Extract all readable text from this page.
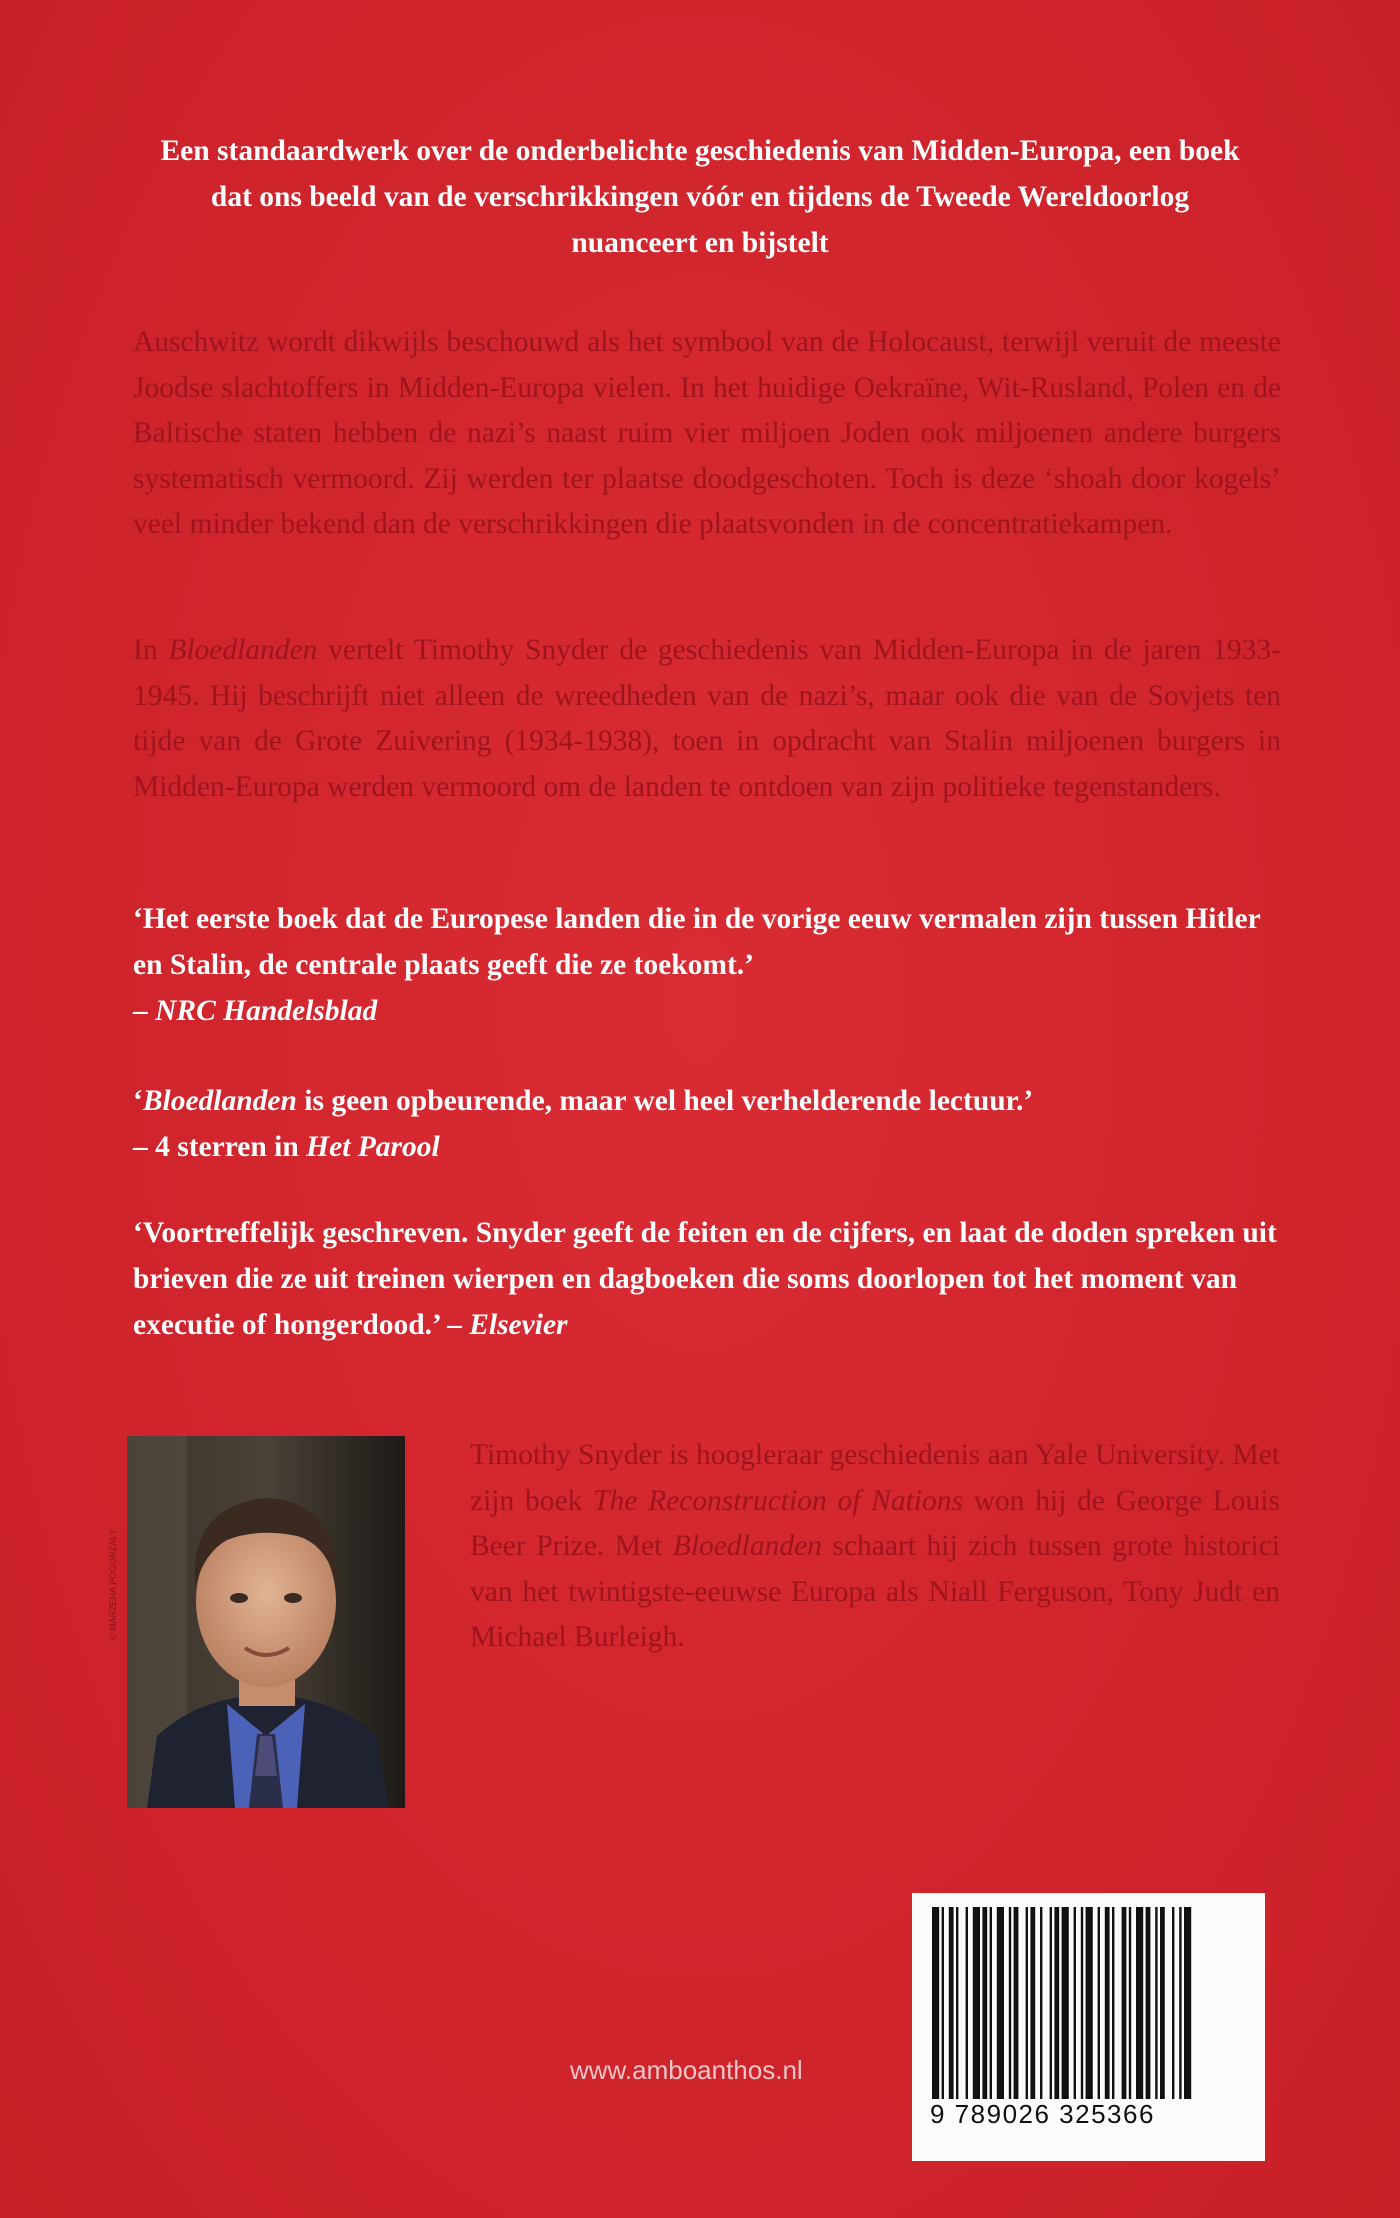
Een standaardwerk over de onderbelichte geschiedenis van Midden-Europa, een boek dat ons beeld van de verschrikkingen vóór en tijdens de Tweede Wereldoorlog nuanceert en bijstelt
Auschwitz wordt dikwijls beschouwd als het symbool van de Holocaust, terwijl veruit de meeste Joodse slachtoffers in Midden-Europa vielen. In het huidige Oekraïne, Wit-Rusland, Polen en de Baltische staten hebben de nazi’s naast ruim vier miljoen Joden ook miljoenen andere burgers systematisch vermoord. Zij werden ter plaatse doodgeschoten. Toch is deze ‘shoah door kogels’ veel minder bekend dan de verschrikkingen die plaatsvonden in de concentratiekampen.
In Bloedlanden vertelt Timothy Snyder de geschiedenis van Midden-Europa in de jaren 1933-1945. Hij beschrijft niet alleen de wreedheden van de nazi’s, maar ook die van de Sovjets ten tijde van de Grote Zuivering (1934-1938), toen in opdracht van Stalin miljoenen burgers in Midden-Europa werden vermoord om de landen te ontdoen van zijn politieke tegenstanders.
‘Het eerste boek dat de Europese landen die in de vorige eeuw vermalen zijn tussen Hitler en Stalin, de centrale plaats geeft die ze toekomt.’
– NRC Handelsblad
‘Bloedlanden is geen opbeurende, maar wel heel verhelderende lectuur.’
– 4 sterren in Het Parool
‘Voortreffelijk geschreven. Snyder geeft de feiten en de cijfers, en laat de doden spreken uit brieven die ze uit treinen wierpen en dagboeken die soms doorlopen tot het moment van executie of hongerdood.’ – Elsevier
© MARZENA POGORZALY
Timothy Snyder is hoogleraar geschiedenis aan Yale University. Met zijn boek The Reconstruction of Nations won hij de George Louis Beer Prize. Met Bloedlanden schaart hij zich tussen grote historici van het twintigste-eeuwse Europa als Niall Ferguson, Tony Judt en Michael Burleigh.
9 789026 325366
www.amboanthos.nl
